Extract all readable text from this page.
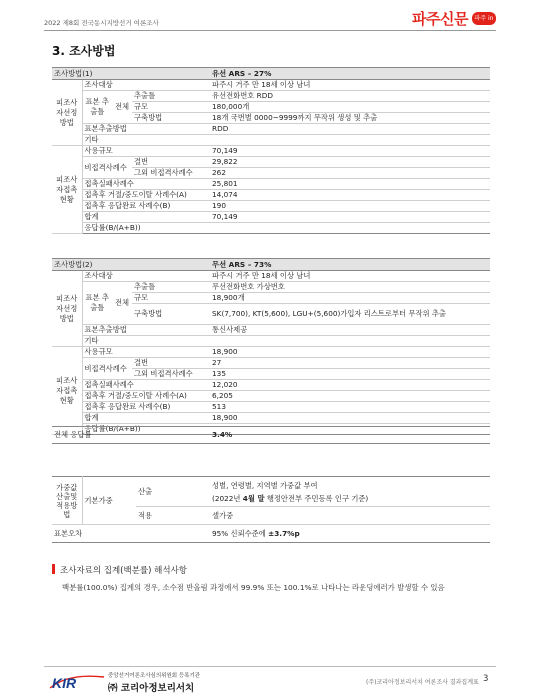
2022 제8회 전국동시지방선거 여론조사	파주신문	파주 in
3. 조사방법
조사방법(1)				유선 ARS – 27%	
피조사 자선정 방법	조사대상			파주시 거주 만 18세 이상 남녀	
	표본 추출틀	전체	추출틀	유선전화번호 RDD	
			규모	180,000개	
			구축방법	18개 국번별 0000~9999까지 무작위 생성 및 추출	
	표본추출방법			RDD	
	기타				
피조사 자접촉 현황	사용규모			70,149	
	비접격사례수		결번	29,822	
			그외 비접격사례수	262	
	접촉실패사례수			25,801	
	접촉후 거절/중도이탈 사례수(A)			14,074	
	접촉후 응답완료 사례수(B)			190	
	합계			70,149	
	응답률(B/(A+B))	
조사방법(2)				무선 ARS – 73%	
피조사 자선정 방법	조사대상			파주시 거주 만 18세 이상 남녀	
	표본 추출틀	전체	추출틀	무선전화번호 가상번호	
			규모	18,900개	
			구축방법	SK(7,700), KT(5,600), LGU+(5,600)가입자 리스트로부터 무작위 추출	
	표본추출방법			통신사제공	
	기타				
피조사 자접촉 현황	사용규모			18,900	
	비접격사례수		결번	27	
			그외 비접격사례수	135	
	접촉실패사례수			12,020	
	접촉후 거절/중도이탈 사례수(A)			6,205	
	접촉후 응답완료 사례수(B)			513	
	합계			18,900	
	응답률(B/(A+B))	
전체 응답률	3.4%
가중값 산출및 적용방법	기본가중	산출	성별, 연령별, 지역별 가중값 부여
(2022년 4월 말 행정안전부 주민등록 인구 기준)
		적용	셀가중
표본오차			95% 신뢰수준에 ±3.7%p
조사자료의 집계(백분률) 해석사항
백분률(100.0%) 집계의 경우, 소수점 반올림 과정에서 99.9% 또는 100.1%로 나타나는 라운딩에러가 발생할 수 있음
KIR	중앙선거여론조사심의위원회 등록기관
㈜ 코리아정보리서치
(주)코리아정보리서치 여론조사 결과집계표 3
